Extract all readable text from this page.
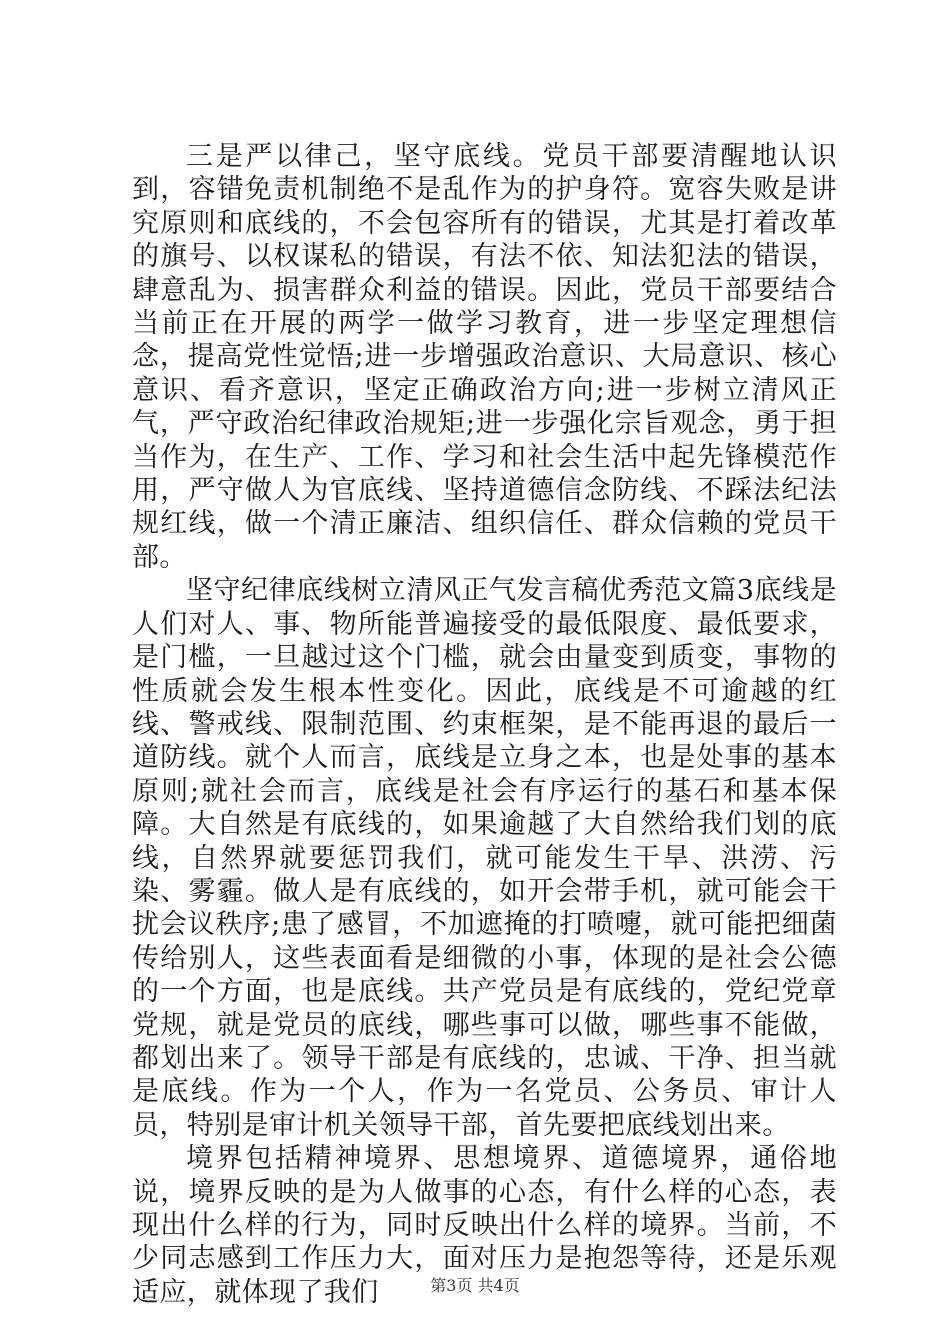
三是严以律己，坚守底线。党员干部要清醒地认识到，容错免责机制绝不是乱作为的护身符。宽容失败是讲究原则和底线的，不会包容所有的错误，尤其是打着改革的旗号、以权谋私的错误，有法不依、知法犯法的错误，肆意乱为、损害群众利益的错误。因此，党员干部要结合当前正在开展的两学一做学习教育，进一步坚定理想信念，提高党性觉悟;进一步增强政治意识、大局意识、核心意识、看齐意识，坚定正确政治方向;进一步树立清风正气，严守政治纪律政治规矩;进一步强化宗旨观念，勇于担当作为，在生产、工作、学习和社会生活中起先锋模范作用，严守做人为官底线、坚持道德信念防线、不踩法纪法规红线，做一个清正廉洁、组织信任、群众信赖的党员干部。

坚守纪律底线树立清风正气发言稿优秀范文篇3底线是人们对人、事、物所能普遍接受的最低限度、最低要求，是门槛，一旦越过这个门槛，就会由量变到质变，事物的性质就会发生根本性变化。因此，底线是不可逾越的红线、警戒线、限制范围、约束框架，是不能再退的最后一道防线。就个人而言，底线是立身之本，也是处事的基本原则;就社会而言，底线是社会有序运行的基石和基本保障。大自然是有底线的，如果逾越了大自然给我们划的底线，自然界就要惩罚我们，就可能发生干旱、洪涝、污染、雾霾。做人是有底线的，如开会带手机，就可能会干扰会议秩序;患了感冒，不加遮掩的打喷嚏，就可能把细菌传给别人，这些表面看是细微的小事，体现的是社会公德的一个方面，也是底线。共产党员是有底线的，党纪党章党规，就是党员的底线，哪些事可以做，哪些事不能做，都划出来了。领导干部是有底线的，忠诚、干净、担当就是底线。作为一个人，作为一名党员、公务员、审计人员，特别是审计机关领导干部，首先要把底线划出来。

境界包括精神境界、思想境界、道德境界，通俗地说，境界反映的是为人做事的心态，有什么样的心态，表现出什么样的行为，同时反映出什么样的境界。当前，不少同志感到工作压力大，面对压力是抱怨等待，还是乐观适应，就体现了我们	第3页 共4页
